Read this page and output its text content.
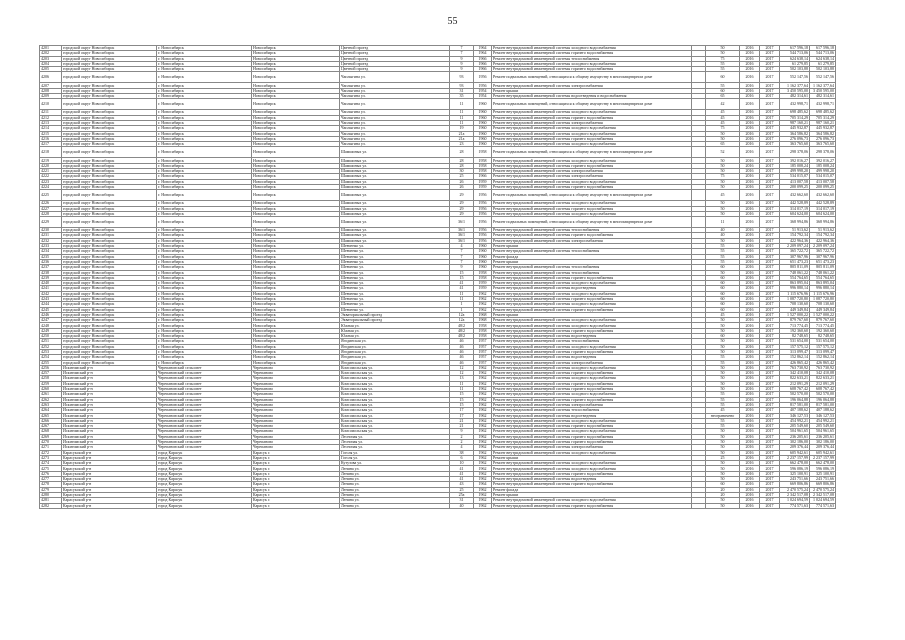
55
4201	городской округ Новосибирск	г. Новосибирск	Новосибирск	Цветной проезд	7	1964	Ремонт внутридомовой инженерной системы холодного водоснабжения		50	2016	2017	617 596,18	617 596,18
4202	городской округ Новосибирск	г. Новосибирск	Новосибирск	Цветной проезд	7	1964	Ремонт внутридомовой инженерной системы горячего водоснабжения		50	2016	2017	544 713,06	544 713,06
4203	городской округ Новосибирск	г. Новосибирск	Новосибирск	Цветной проезд	9	1966	Ремонт внутридомовой инженерной системы теплоснабжения		75	2016	2017	624 638,14	624 638,14
4204	городской округ Новосибирск	г. Новосибирск	Новосибирск	Цветной проезд	9	1966	Ремонт внутридомовой инженерной системы холодного водоснабжения		55	2016	2017	61 279,85	61 279,85
4205	городской округ Новосибирск	г. Новосибирск	Новосибирск	Цветной проезд	9	1966	Ремонт внутридомовой инженерной системы горячего водоснабжения		55	2016	2017	502 103,88	502 103,88
4206	городской округ Новосибирск	г. Новосибирск	Новосибирск	Чаплыгина ул.	93	1956	Ремонт подвальных помещений, относящихся к общему имуществу в многоквартирном доме		60	2016	2017	552 147,56	552 147,56
4207	городской округ Новосибирск	г. Новосибирск	Новосибирск	Чаплыгина ул.	93	1956	Ремонт внутридомовой инженерной системы электроснабжения		55	2016	2017	1 162 377,64	1 162 377,64
4208	городской округ Новосибирск	г. Новосибирск	Новосибирск	Чаплыгина ул.	31	1954	Ремонт крыши		60	2016	2017	3 450 595,00	3 450 595,00
4209	городской округ Новосибирск	г. Новосибирск	Новосибирск	Чаплыгина ул.	35	1954	Ремонт внутридомовой инженерной системы водоотведения и водоснабжения		65	2016	2017	482 314,61	482 314,61
4210	городской округ Новосибирск	г. Новосибирск	Новосибирск	Чаплыгина ул.	11	1960	Ремонт подвальных помещений, относящихся к общему имуществу в многоквартирном доме		42	2016	2017	432 998,71	432 998,71
4211	городской округ Новосибирск	г. Новосибирск	Новосибирск	Чаплыгина ул.	11	1960	Ремонт внутридомовой инженерной системы холодного водоснабжения		45	2016	2017	698 485,62	698 485,62
4212	городской округ Новосибирск	г. Новосибирск	Новосибирск	Чаплыгина ул.	11	1960	Ремонт внутридомовой инженерной системы горячего водоснабжения		45	2016	2017	705 314,29	705 314,29
4213	городской округ Новосибирск	г. Новосибирск	Новосибирск	Чаплыгина ул.	11	1960	Ремонт внутридомовой инженерной системы электроснабжения		45	2016	2017	987 160,21	987 160,21
4214	городской округ Новосибирск	г. Новосибирск	Новосибирск	Чаплыгина ул.	19	1960	Ремонт внутридомовой инженерной системы холодного водоснабжения		75	2016	2017	445 932,87	445 932,87
4215	городской округ Новосибирск	г. Новосибирск	Новосибирск	Чаплыгина ул.	21а	1960	Ремонт внутридомовой инженерной системы холодного водоснабжения		50	2016	2017	364 586,82	364 586,82
4216	городской округ Новосибирск	г. Новосибирск	Новосибирск	Чаплыгина ул.	21а	1960	Ремонт внутридомовой инженерной системы горячего водоснабжения		50	2016	2017	276 096,73	276 096,73
4217	городской округ Новосибирск	г. Новосибирск	Новосибирск	Чаплыгина ул.	23	1960	Ремонт внутридомовой инженерной системы холодного водоснабжения		65	2016	2017	363 765,60	363 765,60
4218	городской округ Новосибирск	г. Новосибирск	Новосибирск	Шамшиных ул.	28	1958	Ремонт подвальных помещений, относящихся к общему имуществу в многоквартирном доме		52	2016	2017	298 378,06	298 378,06
4219	городской округ Новосибирск	г. Новосибирск	Новосибирск	Шамшиных ул.	28	1958	Ремонт внутридомовой инженерной системы холодного водоснабжения		50	2016	2017	392 016,27	392 016,27
4220	городской округ Новосибирск	г. Новосибирск	Новосибирск	Шамшиных ул.	28	1958	Ремонт внутридомовой инженерной системы горячего водоснабжения		50	2016	2017	185 008,24	185 008,24
4221	городской округ Новосибирск	г. Новосибирск	Новосибирск	Шамшиных ул.	30	1958	Ремонт внутридомовой инженерной системы электроснабжения		50	2016	2017	499 998,20	499 998,20
4222	городской округ Новосибирск	г. Новосибирск	Новосибирск	Шамшиных ул.	25	1966	Ремонт внутридомовой инженерной системы электроснабжения		75	2016	2017	534 015,07	534 015,07
4223	городской округ Новосибирск	г. Новосибирск	Новосибирск	Шамшиных ул.	26	1959	Ремонт внутридомовой инженерной системы холодного водоснабжения		50	2016	2017	413 007,58	413 007,58
4224	городской округ Новосибирск	г. Новосибирск	Новосибирск	Шамшиных ул.	26	1959	Ремонт внутридомовой инженерной системы горячего водоснабжения		50	2016	2017	200 099,25	200 099,25
4225	городской округ Новосибирск	г. Новосибирск	Новосибирск	Шамшиных ул.	29	1956	Ремонт подвальных помещений, относящихся к общему имуществу в многоквартирном доме		45	2016	2017	432 662,60	432 662,60
4226	городской округ Новосибирск	г. Новосибирск	Новосибирск	Шамшиных ул.	29	1956	Ремонт внутридомовой инженерной системы холодного водоснабжения		50	2016	2017	442 528,89	442 528,89
4227	городской округ Новосибирск	г. Новосибирск	Новосибирск	Шамшиных ул.	29	1956	Ремонт внутридомовой инженерной системы горячего водоснабжения		50	2016	2017	314 017,19	314 017,19
4228	городской округ Новосибирск	г. Новосибирск	Новосибирск	Шамшиных ул.	29	1956	Ремонт внутридомовой инженерной системы холодного водоснабжения		50	2016	2017	604 624,00	604 624,00
4229	городской округ Новосибирск	г. Новосибирск	Новосибирск	Шамшиных ул.	36/1	1956	Ремонт подвальных помещений, относящихся к общему имуществу в многоквартирном доме		11	2016	2017	368 994,86	368 994,86
4230	городской округ Новосибирск	г. Новосибирск	Новосибирск	Шамшиных ул.	36/1	1956	Ремонт внутридомовой инженерной системы теплоснабжения		40	2016	2017	51 913,62	51 913,62
4231	городской округ Новосибирск	г. Новосибирск	Новосибирск	Шамшиных ул.	36/1	1956	Ремонт внутридомовой инженерной системы горячего водоснабжения		40	2016	2017	154 792,34	154 792,34
4232	городской округ Новосибирск	г. Новосибирск	Новосибирск	Шамшиных ул.	36/1	1956	Ремонт внутридомовой инженерной системы электроснабжения		50	2016	2017	422 964,36	422 964,36
4233	городской округ Новосибирск	г. Новосибирск	Новосибирск	Шевченко ул.	4	1960	Ремонт крыши		55	2016	2017	2 209 097,24	2 209 097,24
4234	городской округ Новосибирск	г. Новосибирск	Новосибирск	Шевченко ул.	7	1960	Ремонт внутридомовой инженерной системы теплоснабжения		55	2016	2017	365 722,72	365 722,72
4235	городской округ Новосибирск	г. Новосибирск	Новосибирск	Шевченко ул.	7	1960	Ремонт фасада		55	2016	2017	307 967,96	307 967,96
4236	городской округ Новосибирск	г. Новосибирск	Новосибирск	Шевченко ул.	7	1960	Ремонт крыши		55	2016	2017	651 473,23	651 473,23
4237	городской округ Новосибирск	г. Новосибирск	Новосибирск	Шевченко ул.	9	1960	Ремонт внутридомовой инженерной системы теплоснабжения		60	2016	2017	805 811,09	805 811,09
4238	городской округ Новосибирск	г. Новосибирск	Новосибирск	Шевченко ул.	15	1958	Ремонт внутридомовой инженерной системы теплоснабжения		50	2016	2017	748 061,22	748 061,22
4239	городской округ Новосибирск	г. Новосибирск	Новосибирск	Шевченко ул.	15	1958	Ремонт внутридомовой инженерной системы горячего водоснабжения		60	2016	2017	554 764,65	554 764,65
4240	городской округ Новосибирск	г. Новосибирск	Новосибирск	Шевченко ул.	41	1959	Ремонт внутридомовой инженерной системы холодного водоснабжения		60	2016	2017	863 895,04	863 895,04
4241	городской округ Новосибирск	г. Новосибирск	Новосибирск	Шевченко ул.	41	1959	Ремонт внутридомовой инженерной системы водоотведения		60	2016	2017	996 880,14	996 880,14
4242	городской округ Новосибирск	г. Новосибирск	Новосибирск	Шевченко ул.	11	1962	Ремонт внутридомовой инженерной системы холодного водоснабжения		60	2016	2017	1 115 676,96	1 115 676,96
4243	городской округ Новосибирск	г. Новосибирск	Новосибирск	Шевченко ул.	11	1962	Ремонт внутридомовой инженерной системы горячего водоснабжения		60	2016	2017	1 087 720,80	1 087 720,80
4244	городской округ Новосибирск	г. Новосибирск	Новосибирск	Шевченко ул.	1	1962	Ремонт внутридомовой инженерной системы холодного водоснабжения		60	2016	2017	708 130,60	708 130,60
4245	городской округ Новосибирск	г. Новосибирск	Новосибирск	Шевченко ул.	1	1962	Ремонт внутридомовой инженерной системы горячего водоснабжения		60	2016	2017	449 349,84	449 349,84
4246	городской округ Новосибирск	г. Новосибирск	Новосибирск	Экваториальный проезд	12а	1968	Ремонт крыши		45	2016	2017	1 527 000,22	1 527 000,22
4247	городской округ Новосибирск	г. Новосибирск	Новосибирск	Экваториальный проезд	12а	1968	Ремонт внутридомовой инженерной системы холодного водоснабжения		50	2016	2017	879 767,60	879 767,60
4248	городской округ Новосибирск	г. Новосибирск	Новосибирск	Южная ул.	48/2	1958	Ремонт внутридомовой инженерной системы холодного водоснабжения		50	2016	2017	713 774,45	713 774,45
4249	городской округ Новосибирск	г. Новосибирск	Новосибирск	Южная ул.	48/2	1958	Ремонт внутридомовой инженерной системы горячего водоснабжения		50	2016	2017	192 360,60	192 360,60
4250	городской округ Новосибирск	г. Новосибирск	Новосибирск	Южная ул.	48/2	1958	Ремонт внутридомовой инженерной системы водоотведения		60	2016	2017	82 748,65	82 748,65
4251	городской округ Новосибирск	г. Новосибирск	Новосибирск	Ягодинская ул.	46	1957	Ремонт внутридомовой инженерной системы теплоснабжения		50	2016	2017	531 654,00	531 654,00
4252	городской округ Новосибирск	г. Новосибирск	Новосибирск	Ягодинская ул.	46	1957	Ремонт внутридомовой инженерной системы холодного водоснабжения		50	2016	2017	157 575,12	157 575,12
4253	городской округ Новосибирск	г. Новосибирск	Новосибирск	Ягодинская ул.	46	1957	Ремонт внутридомовой инженерной системы горячего водоснабжения		50	2016	2017	313 099,47	313 099,47
4254	городской округ Новосибирск	г. Новосибирск	Новосибирск	Ягодинская ул.	46	1957	Ремонт внутридомовой инженерной системы водоотведения		55	2016	2017	152 862,14	152 862,14
4255	городской округ Новосибирск	г. Новосибирск	Новосибирск	Ягодинская ул.	46	1957	Ремонт внутридомовой инженерной системы электроснабжения		55	2016	2017	426 865,42	426 865,42
4256	Искитимский р-н	Черепановский сельсовет	Черепаново	Комсомольская ул.	12	1962	Ремонт внутридомовой инженерной системы холодного водоснабжения		50	2016	2017	763 730,92	763 730,92
4257	Искитимский р-н	Черепановский сельсовет	Черепаново	Комсомольская ул.	12	1962	Ремонт внутридомовой инженерной системы горячего водоснабжения		50	2016	2017	342 410,08	342 410,08
4258	Искитимский р-н	Черепановский сельсовет	Черепаново	Комсомольская ул.	13	1962	Ремонт внутридомовой инженерной системы холодного водоснабжения		50	2016	2017	822 633,21	822 633,21
4259	Искитимский р-н	Черепановский сельсовет	Черепаново	Комсомольская ул.	11	1962	Ремонт внутридомовой инженерной системы горячего водоснабжения		50	2016	2017	212 091,29	212 091,29
4260	Искитимский р-н	Черепановский сельсовет	Черепаново	Комсомольская ул.	11	1962	Ремонт внутридомовой инженерной системы горячего водоснабжения		50	2016	2017	608 767,42	608 767,42
4261	Искитимский р-н	Черепановский сельсовет	Черепаново	Комсомольская ул.	15	1962	Ремонт внутридомовой инженерной системы холодного водоснабжения		55	2016	2017	502 570,00	502 570,00
4262	Искитимский р-н	Черепановский сельсовет	Черепаново	Комсомольская ул.	15	1962	Ремонт внутридомовой инженерной системы горячего водоснабжения		55	2016	2017	196 064,88	196 064,88
4263	Искитимский р-н	Черепановский сельсовет	Черепаново	Комсомольская ул.	15	1962	Ремонт внутридомовой инженерной системы электроснабжения		55	2016	2017	817 581,00	817 581,00
4264	Искитимский р-н	Черепановский сельсовет	Черепаново	Комсомольская ул.	17	1962	Ремонт внутридомовой инженерной системы теплоснабжения		45	2016	2017	407 188,62	407 188,62
4265	Искитимский р-н	Черепановский сельсовет	Черепаново	Комсомольская ул.	17	1962	Ремонт внутридомовой инженерной системы водоотведения		неограничено	2016	2017	346 127,53	346 127,53
4266	Искитимский р-н	Черепановский сельсовет	Черепаново	Комсомольская ул.	21	1962	Ремонт внутридомовой инженерной системы холодного водоснабжения		55	2016	2017	454 992,21	454 992,21
4267	Искитимский р-н	Черепановский сельсовет	Черепаново	Комсомольская ул.	21	1962	Ремонт внутридомовой инженерной системы горячего водоснабжения		55	2016	2017	205 549,60	205 549,60
4268	Искитимский р-н	Черепановский сельсовет	Черепаново	Комсомольская ул.	9	1962	Ремонт внутридомовой инженерной системы холодного водоснабжения		50	2016	2017	504 961,65	504 961,65
4269	Искитимский р-н	Черепановский сельсовет	Черепаново	Лесничая ул.	2	1962	Ремонт внутридомовой инженерной системы горячего водоснабжения		50	2016	2017	236 205,61	236 205,61
4270	Искитимский р-н	Черепановский сельсовет	Черепаново	Лесничая ул.	2	1962	Ремонт внутридомовой инженерной системы горячего водоснабжения		50	2016	2017	302 186,00	302 186,00
4271	Искитимский р-н	Черепановский сельсовет	Черепаново	Лесничая ул.	4	1962	Ремонт внутридомовой инженерной системы электроснабжения		50	2016	2017	209 376,44	209 376,44
4272	Карасукский р-н	город Карасук	Карасук г.	Гоголя ул.	38	1962	Ремонт внутридомовой инженерной системы холодного водоснабжения		50	2016	2017	605 942,61	605 942,61
4273	Карасукский р-н	город Карасук	Карасук г.	Гоголя ул.	6	1962	Ремонт крыши		25	2016	2017	2 237 157,99	2 237 157,99
4274	Карасукский р-н	город Карасук	Карасук г.	Кутузова ул.	10	1962	Ремонт внутридомовой инженерной системы холодного водоснабжения		50	2016	2017	662 478,00	662 478,00
4275	Карасукский р-н	город Карасук	Карасук г.	Ленина ул.	41	1962	Ремонт внутридомовой инженерной системы холодного водоснабжения		50	2016	2017	596 086,19	596 086,19
4276	Карасукский р-н	город Карасук	Карасук г.	Ленина ул.	41	1962	Ремонт внутридомовой инженерной системы горячего водоснабжения		50	2016	2017	325 100,91	325 100,91
4277	Карасукский р-н	город Карасук	Карасук г.	Ленина ул.	41	1962	Ремонт внутридомовой инженерной системы водоотведения		50	2016	2017	243 751,66	243 751,66
4278	Карасукский р-н	город Карасук	Карасук г.	Ленина ул.	43	1964	Ремонт внутридомовой инженерной системы горячего водоснабжения		60	2016	2017	669 806,86	669 806,86
4279	Карасукский р-н	город Карасук	Карасук г.	Ленина ул.	25	1962	Ремонт фасада		20	2016	2017	2 470 575,24	2 470 575,24
4280	Карасукский р-н	город Карасук	Карасук г.	Ленина ул.	25а	1962	Ремонт крыши		20	2016	2017	2 342 517,08	2 342 517,08
4281	Карасукский р-н	город Карасук	Карасук г.	Ленина ул.	31	1962	Ремонт внутридомовой инженерной системы холодного водоснабжения		50	2016	2017	1 024 694,59	1 024 694,59
4282	Карасукский р-н	город Карасук	Карасук г.	Ленина ул.	40	1962	Ремонт внутридомовой инженерной системы горячего водоснабжения		50	2016	2017	774 571,63	774 571,63
